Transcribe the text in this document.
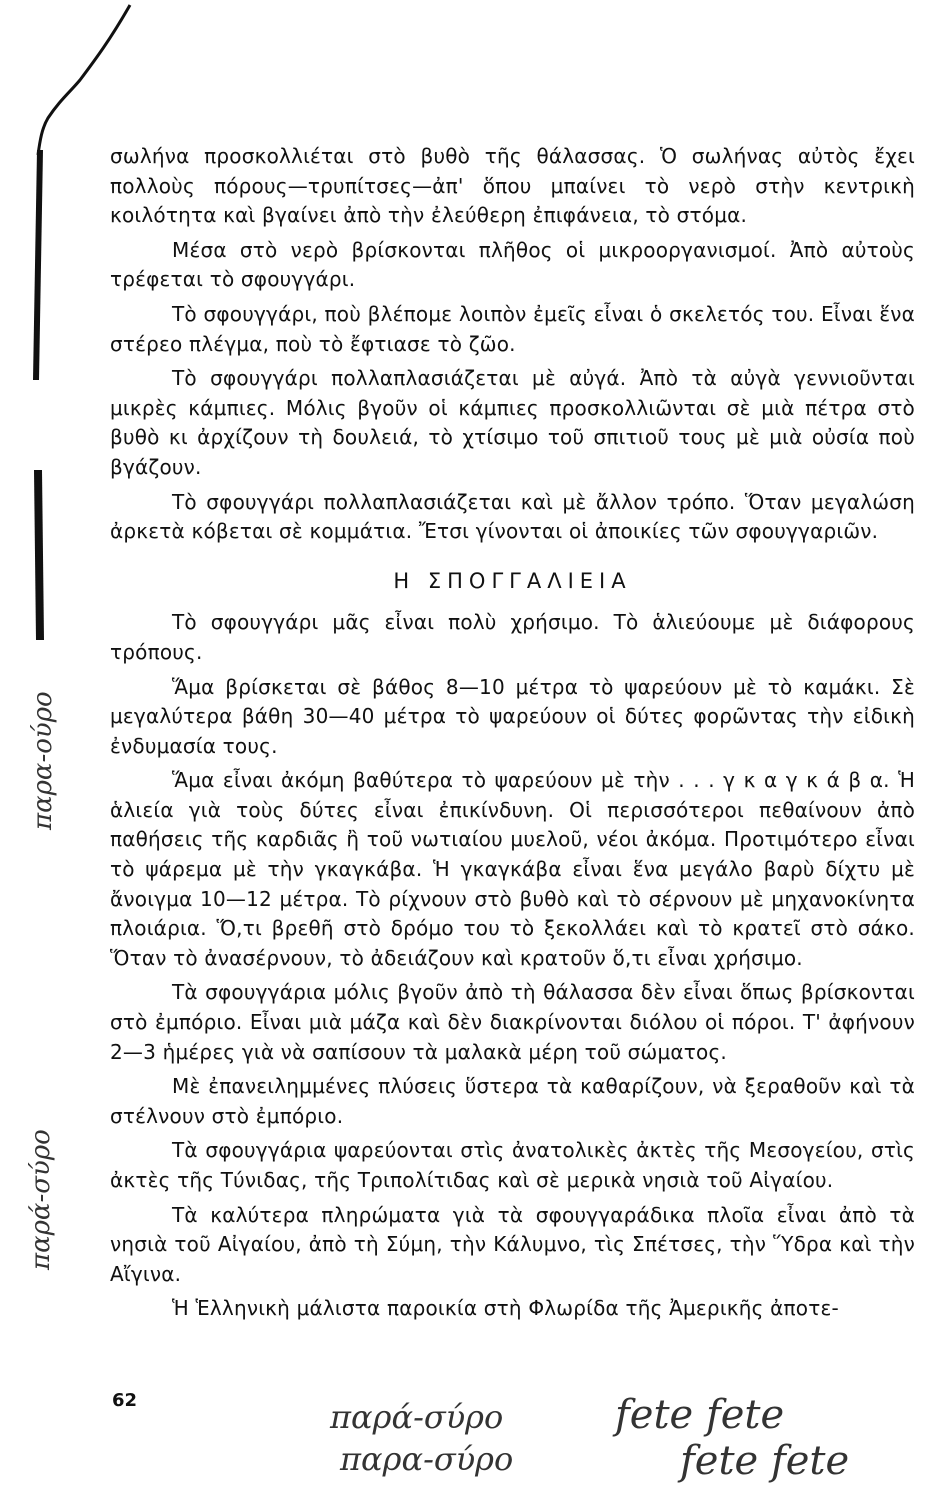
σωλήνα προσκολλιέται στὸ βυθὸ τῆς θάλασσας. Ὁ σωλήνας αὐτὸς ἔχει πολλοὺς πόρους—τρυπίτσες—ἀπ' ὅπου μπαίνει τὸ νερὸ στὴν κεντρικὴ κοιλότητα καὶ βγαίνει ἀπὸ τὴν ἐλεύθερη ἐπιφάνεια, τὸ στόμα.

Μέσα στὸ νερὸ βρίσκονται πλῆθος οἱ μικροοργανισμοί. Ἀπὸ αὐτοὺς τρέφεται τὸ σφουγγάρι.

Τὸ σφουγγάρι, ποὺ βλέπομε λοιπὸν ἐμεῖς εἶναι ὁ σκελετός του. Εἶναι ἕνα στέρεο πλέγμα, ποὺ τὸ ἔφτιασε τὸ ζῶο.

Τὸ σφουγγάρι πολλαπλασιάζεται μὲ αὐγά. Ἀπὸ τὰ αὐγὰ γεννιοῦνται μικρὲς κάμπιες. Μόλις βγοῦν οἱ κάμπιες προσκολλιῶνται σὲ μιὰ πέτρα στὸ βυθὸ κι ἀρχίζουν τὴ δουλειά, τὸ χτίσιμο τοῦ σπιτιοῦ τους μὲ μιὰ οὐσία ποὺ βγάζουν.

Τὸ σφουγγάρι πολλαπλασιάζεται καὶ μὲ ἄλλον τρόπο. Ὅταν μεγαλώση ἀρκετὰ κόβεται σὲ κομμάτια. Ἔτσι γίνονται οἱ ἀποικίες τῶν σφουγγαριῶν.

Η ΣΠΟΓΓΑΛΙΕΙΑ

Τὸ σφουγγάρι μᾶς εἶναι πολὺ χρήσιμο. Τὸ ἁλιεύουμε μὲ διάφορους τρόπους.

Ἅμα βρίσκεται σὲ βάθος 8—10 μέτρα τὸ ψαρεύουν μὲ τὸ καμάκι. Σὲ μεγαλύτερα βάθη 30—40 μέτρα τὸ ψαρεύουν οἱ δύτες φορῶντας τὴν εἰδικὴ ἐνδυμασία τους.

Ἅμα εἶναι ἀκόμη βαθύτερα τὸ ψαρεύουν μὲ τὴν . . . γ κ α γ κ ά β α. Ἡ ἁλιεία γιὰ τοὺς δύτες εἶναι ἐπικίνδυνη. Οἱ περισσότεροι πεθαίνουν ἀπὸ παθήσεις τῆς καρδιᾶς ἢ τοῦ νωτιαίου μυελοῦ, νέοι ἀκόμα. Προτιμότερο εἶναι τὸ ψάρεμα μὲ τὴν γκαγκάβα. Ἡ γκαγκάβα εἶναι ἕνα μεγάλο βαρὺ δίχτυ μὲ ἄνοιγμα 10—12 μέτρα. Τὸ ρίχνουν στὸ βυθὸ καὶ τὸ σέρνουν μὲ μηχανοκίνητα πλοιάρια. Ὅ,τι βρεθῆ στὸ δρόμο του τὸ ξεκολλάει καὶ τὸ κρατεῖ στὸ σάκο. Ὅταν τὸ ἀνασέρνουν, τὸ ἀδειάζουν καὶ κρατοῦν ὅ,τι εἶναι χρήσιμο.

Τὰ σφουγγάρια μόλις βγοῦν ἀπὸ τὴ θάλασσα δὲν εἶναι ὅπως βρίσκονται στὸ ἐμπόριο. Εἶναι μιὰ μάζα καὶ δὲν διακρίνονται διόλου οἱ πόροι. Τ' ἀφήνουν 2—3 ἡμέρες γιὰ νὰ σαπίσουν τὰ μαλακὰ μέρη τοῦ σώματος.

Μὲ ἐπανειλημμένες πλύσεις ὕστερα τὰ καθαρίζουν, νὰ ξεραθοῦν καὶ τὰ στέλνουν στὸ ἐμπόριο.

Τὰ σφουγγάρια ψαρεύονται στὶς ἀνατολικὲς ἀκτὲς τῆς Μεσογείου, στὶς ἀκτὲς τῆς Τύνιδας, τῆς Τριπολίτιδας καὶ σὲ μερικὰ νησιὰ τοῦ Αἰγαίου.

Τὰ καλύτερα πληρώματα γιὰ τὰ σφουγγαράδικα πλοῖα εἶναι ἀπὸ τὰ νησιὰ τοῦ Αἰγαίου, ἀπὸ τὴ Σύμη, τὴν Κάλυμνο, τὶς Σπέτσες, τὴν Ὕδρα καὶ τὴν Αἴγινα.

Ἡ Ἑλληνικὴ μάλιστα παροικία στὴ Φλωρίδα τῆς Ἀμερικῆς ἀποτε-

62
παρα-ούρο
παρά-σύρο
παρά-σύρο
παρα-σύρο
fete fete
fete fete
